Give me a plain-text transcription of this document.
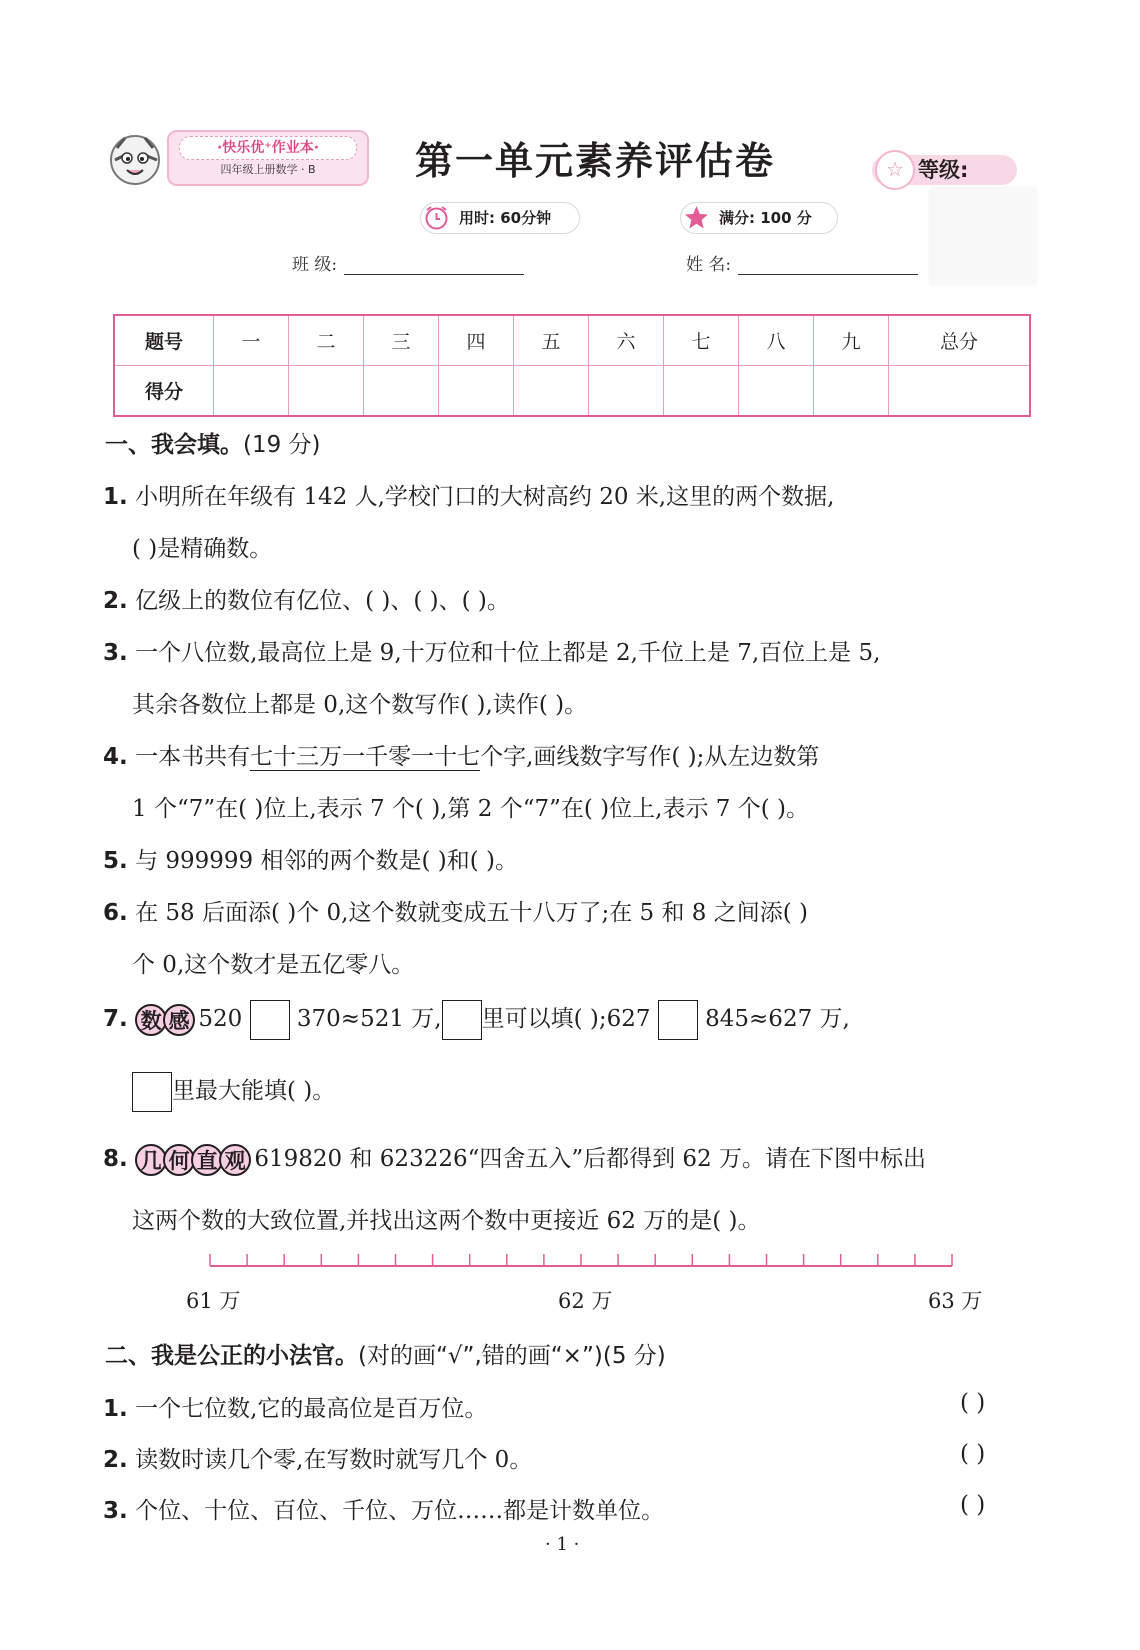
·快乐优⁺作业本·
四年级上册数学 · B	第一单元素养评估卷	☆ 等级:
用时: 60分钟	满分: 100 分
班 级:	姓 名:
题号	一	二	三	四	五	六	七	八	九	总分
得分										
一、我会填。(19 分)
1. 小明所在年级有 142 人,学校门口的大树高约 20 米,这里的两个数据,
( )是精确数。
2. 亿级上的数位有亿位、( )、( )、( )。
3. 一个八位数,最高位上是 9,十万位和十位上都是 2,千位上是 7,百位上是 5,
其余各数位上都是 0,这个数写作( ),读作( )。
4. 一本书共有七十三万一千零一十七个字,画线数字写作( );从左边数第
1 个“7”在( )位上,表示 7 个( ),第 2 个“7”在( )位上,表示 7 个( )。
5. 与 999999 相邻的两个数是( )和( )。
6. 在 58 后面添( )个 0,这个数就变成五十八万了;在 5 和 8 之间添( )
个 0,这个数才是五亿零八。
7. 数 感 520 370≈521 万, 里可以填( );627 845≈627 万,
里最大能填( )。
8. 几 何 直 观 619820 和 623226“四舍五入”后都得到 62 万。请在下图中标出
这两个数的大致位置,并找出这两个数中更接近 62 万的是( )。
61 万	62 万	63 万
二、我是公正的小法官。(对的画“√”,错的画“×”)(5 分)
1. 一个七位数,它的最高位是百万位。	( )
2. 读数时读几个零,在写数时就写几个 0。	( )
3. 个位、十位、百位、千位、万位……都是计数单位。	( )
· 1 ·
